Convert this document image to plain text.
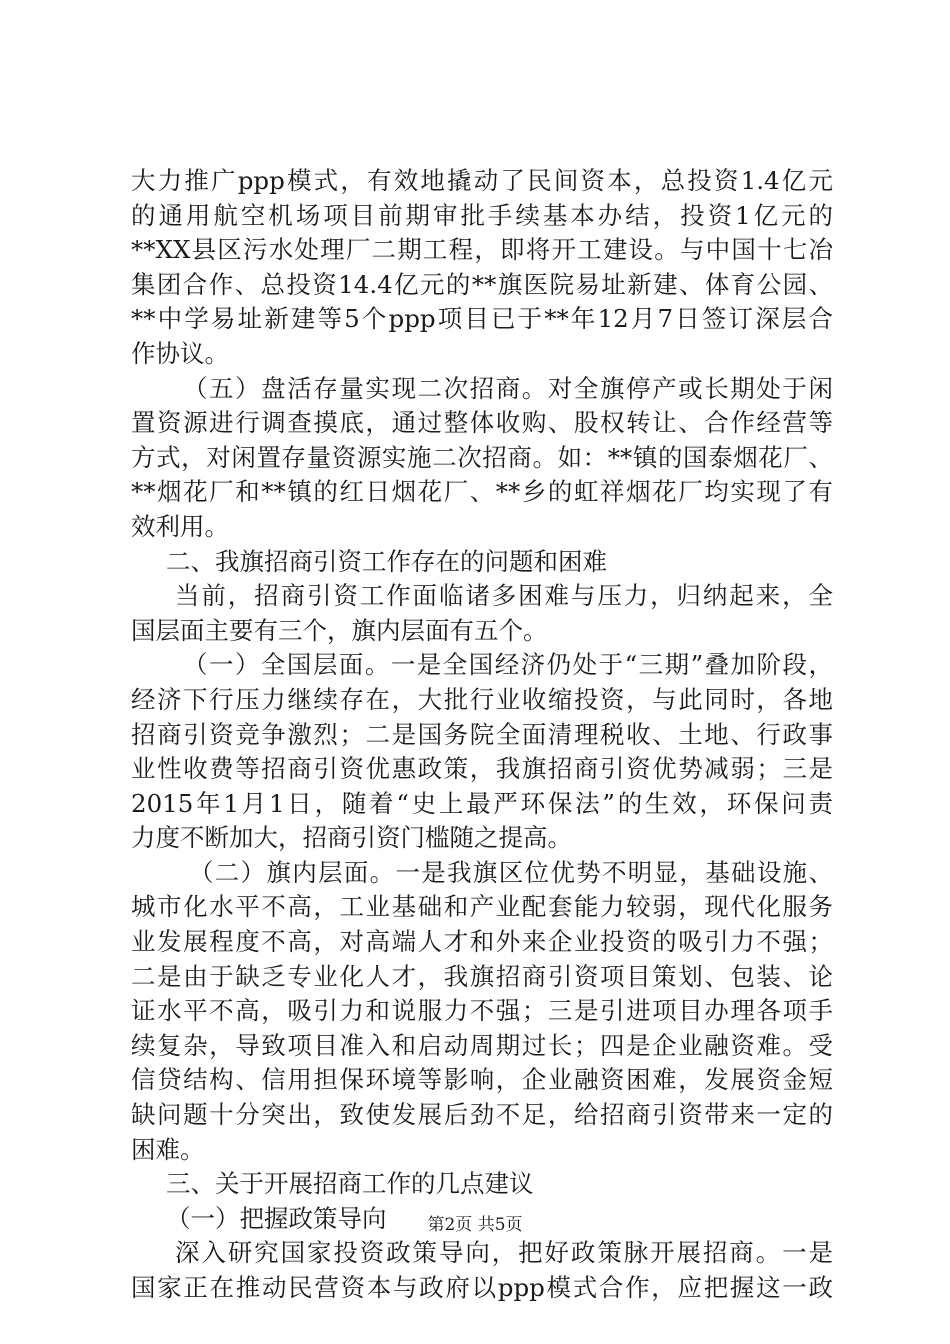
大力推广ppp模式，有效地撬动了民间资本，总投资1.4亿元
的通用航空机场项目前期审批手续基本办结，投资1亿元的
**XX县区污水处理厂二期工程，即将开工建设。与中国十七冶
集团合作、总投资14.4亿元的**旗医院易址新建、体育公园、
**中学易址新建等5个ppp项目已于**年12月7日签订深层合
作协议。
（五）盘活存量实现二次招商。对全旗停产或长期处于闲
置资源进行调查摸底，通过整体收购、股权转让、合作经营等
方式，对闲置存量资源实施二次招商。如：**镇的国泰烟花厂、
**烟花厂和**镇的红日烟花厂、**乡的虹祥烟花厂均实现了有
效利用。
二、我旗招商引资工作存在的问题和困难
当前，招商引资工作面临诸多困难与压力，归纳起来，全
国层面主要有三个，旗内层面有五个。
（一）全国层面。一是全国经济仍处于“三期”叠加阶段，
经济下行压力继续存在，大批行业收缩投资，与此同时，各地
招商引资竞争激烈；二是国务院全面清理税收、土地、行政事
业性收费等招商引资优惠政策，我旗招商引资优势减弱；三是
2015年1月1日，随着“史上最严环保法”的生效，环保问责
力度不断加大，招商引资门槛随之提高。
（二）旗内层面。一是我旗区位优势不明显，基础设施、
城市化水平不高，工业基础和产业配套能力较弱，现代化服务
业发展程度不高，对高端人才和外来企业投资的吸引力不强；
二是由于缺乏专业化人才，我旗招商引资项目策划、包装、论
证水平不高，吸引力和说服力不强；三是引进项目办理各项手
续复杂，导致项目准入和启动周期过长；四是企业融资难。受
信贷结构、信用担保环境等影响，企业融资困难，发展资金短
缺问题十分突出，致使发展后劲不足，给招商引资带来一定的
困难。
三、关于开展招商工作的几点建议
（一）把握政策导向
深入研究国家投资政策导向，把好政策脉开展招商。一是
国家正在推动民营资本与政府以ppp模式合作，应把握这一政
第2页 共5页
